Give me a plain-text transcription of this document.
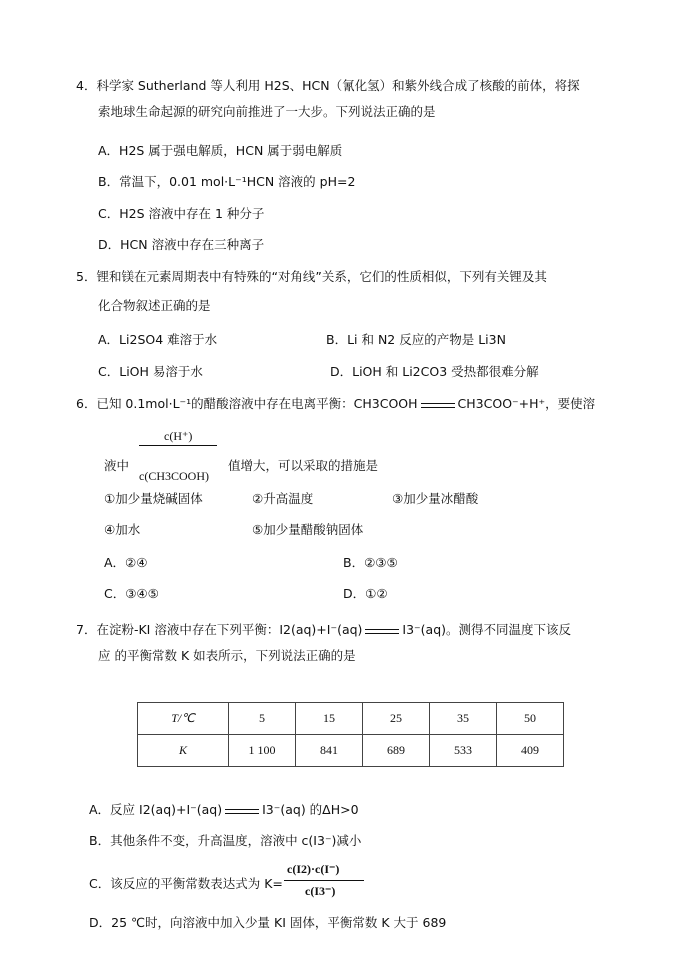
4．科学家 Sutherland 等人利用 H2S、HCN（氰化氢）和紫外线合成了核酸的前体，将探
索地球生命起源的研究向前推进了一大步。下列说法正确的是
A．H2S 属于强电解质，HCN 属于弱电解质
B．常温下，0.01 mol·L⁻¹HCN 溶液的 pH=2
C．H2S 溶液中存在 1 种分子
D．HCN 溶液中存在三种离子
5．锂和镁在元素周期表中有特殊的“对角线”关系，它们的性质相似，下列有关锂及其
化合物叙述正确的是
A．Li2SO4 难溶于水	B．Li 和 N2 反应的产物是 Li3N
C．LiOH 易溶于水	D．LiOH 和 Li2CO3 受热都很难分解
6．已知 0.1mol·L⁻¹的醋酸溶液中存在电离平衡：CH3COOH	CH3COO⁻+H⁺，要使溶
c(H⁺)
液中
c(CH3COOH)
值增大，可以采取的措施是
①加少量烧碱固体	②升高温度	③加少量冰醋酸
④加水	⑤加少量醋酸钠固体
A．②④	B．②③⑤
C．③④⑤	D．①②
7．在淀粉-KI 溶液中存在下列平衡：I2(aq)+I⁻(aq)	I3⁻(aq)。测得不同温度下该反
应 的平衡常数 K 如表所示，下列说法正确的是
T/℃	5	15	25	35	50
K	1 100	841	689	533	409
A．反应 I2(aq)+I⁻(aq)	I3⁻(aq) 的ΔH>0
B．其他条件不变，升高温度，溶液中 c(I3⁻)减小
C．该反应的平衡常数表达式为 K=
c(I2)·c(I⁻)
c(I3⁻)
D．25 ℃时，向溶液中加入少量 KI 固体，平衡常数 K 大于 689
